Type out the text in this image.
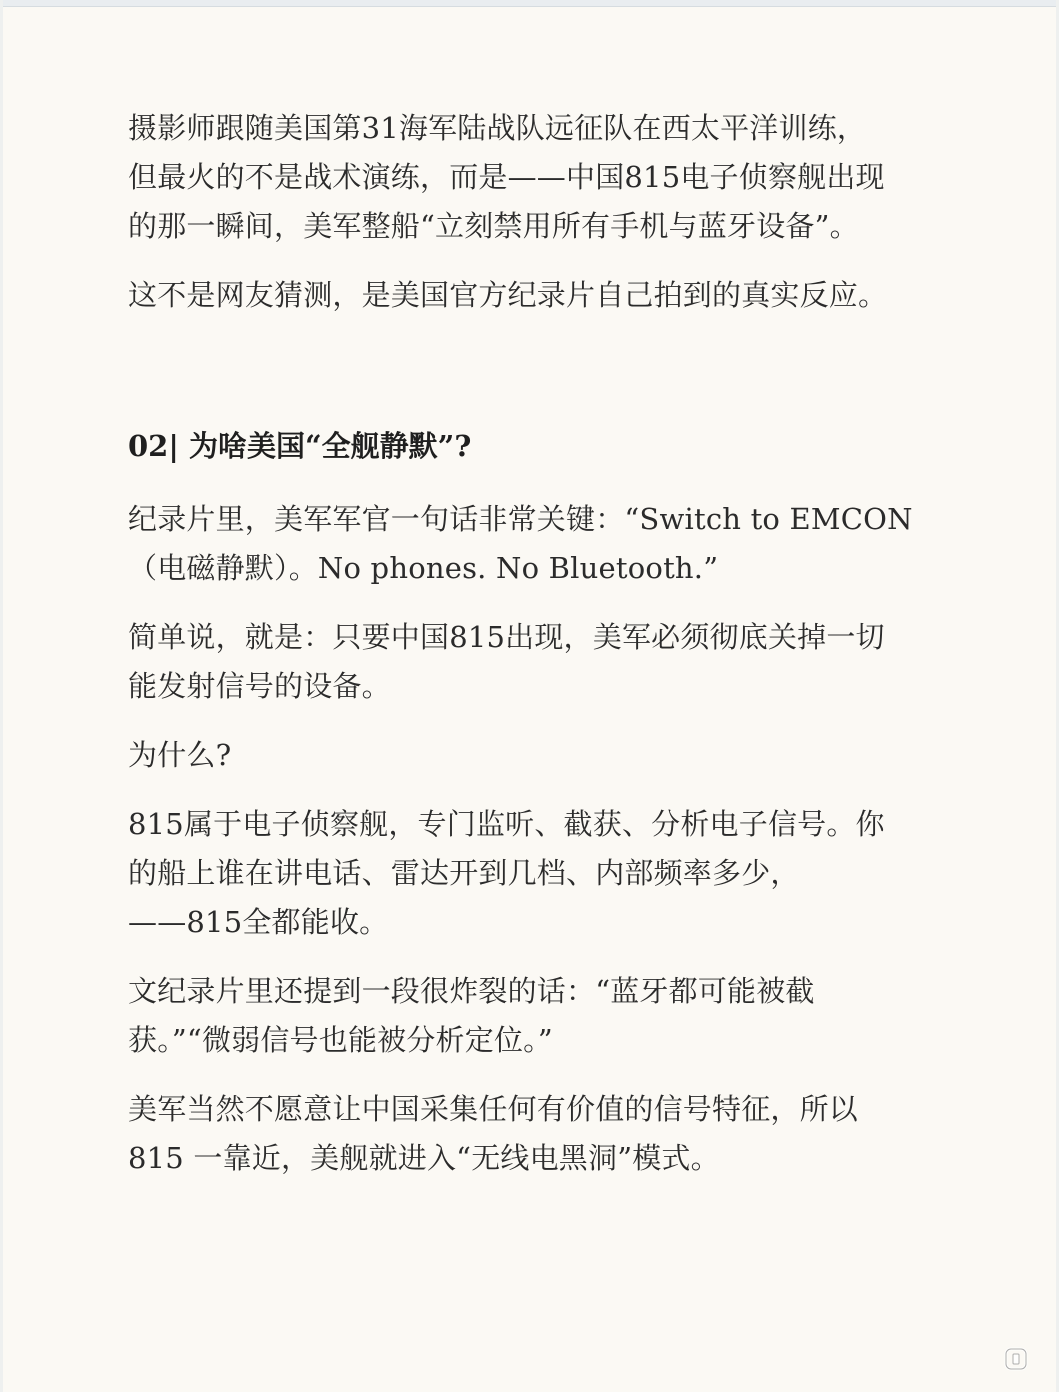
摄影师跟随美国第31海军陆战队远征队在西太平洋训练，
但最火的不是战术演练，而是——中国815电子侦察舰出现
的那一瞬间，美军整船“立刻禁用所有手机与蓝牙设备”。

这不是网友猜测，是美国官方纪录片自己拍到的真实反应。

02| 为啥美国“全舰静默”?

纪录片里，美军军官一句话非常关键：“Switch to EMCON
（电磁静默）。No phones. No Bluetooth.”

简单说，就是：只要中国815出现，美军必须彻底关掉一切
能发射信号的设备。

为什么?

815属于电子侦察舰，专门监听、截获、分析电子信号。你
的船上谁在讲电话、雷达开到几档、内部频率多少，
——815全都能收。

文纪录片里还提到一段很炸裂的话：“蓝牙都可能被截
获。”“微弱信号也能被分析定位。”

美军当然不愿意让中国采集任何有价值的信号特征，所以
815 一靠近，美舰就进入“无线电黑洞”模式。
